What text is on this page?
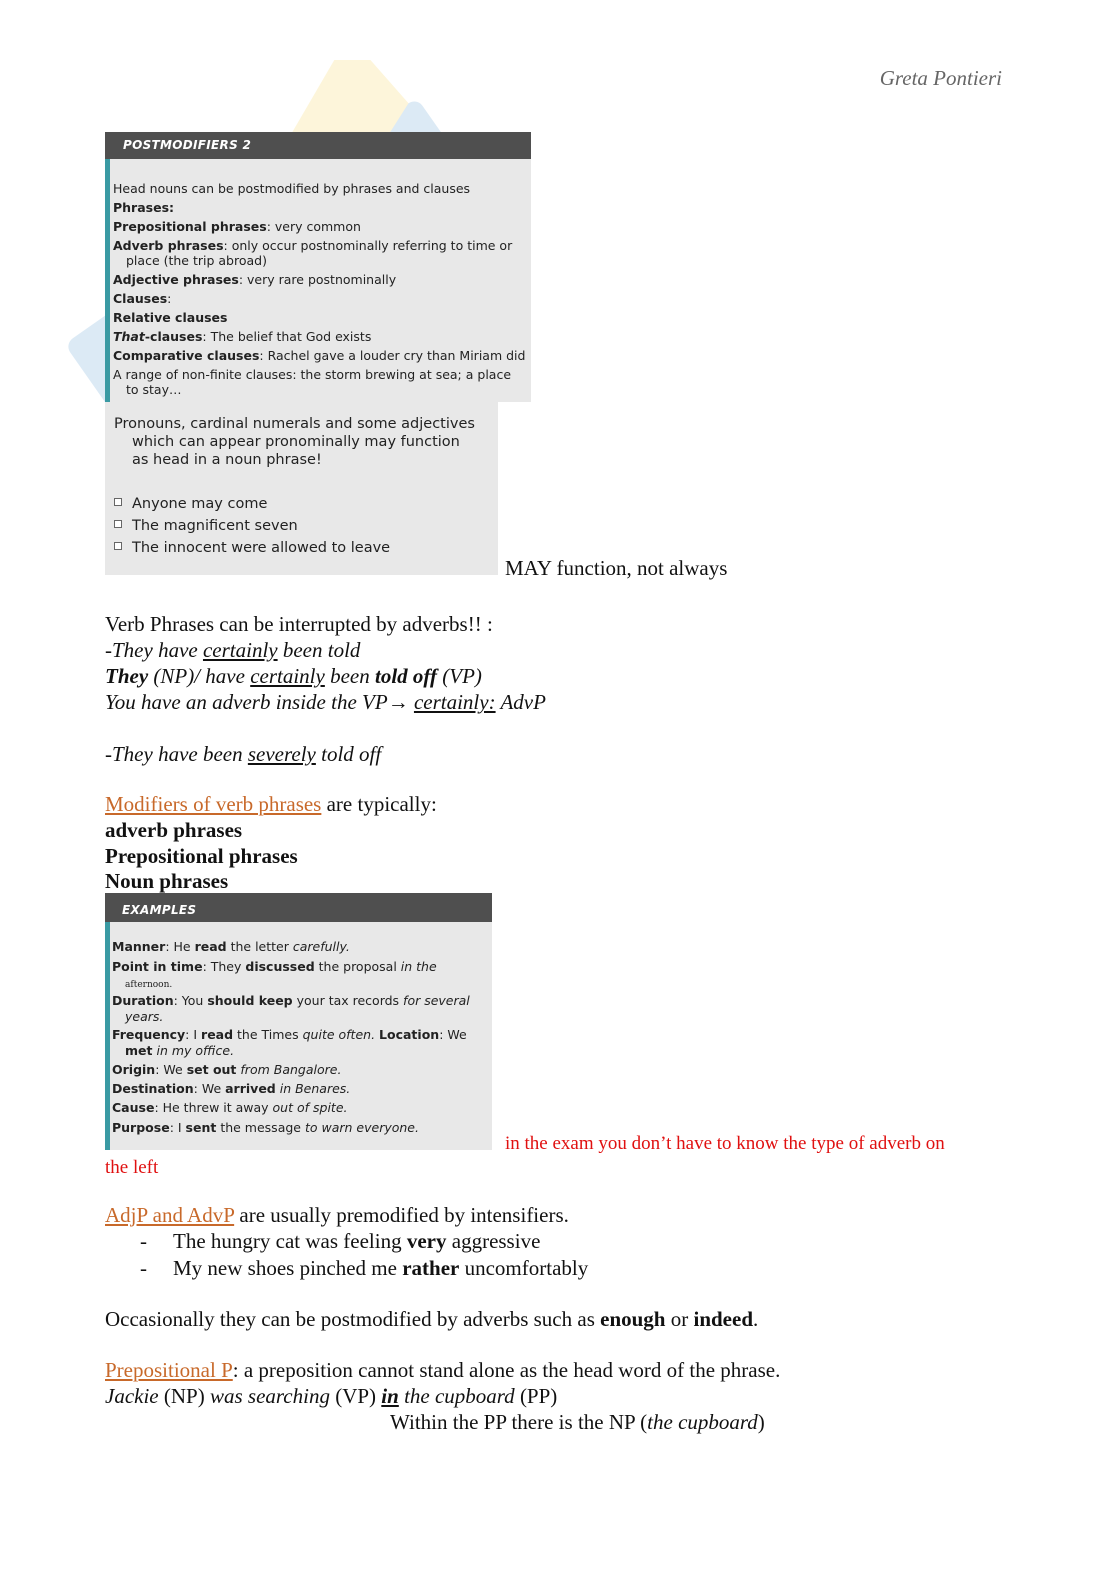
Greta Pontieri
POSTMODIFIERS 2
Head nouns can be postmodified by phrases and clauses
Phrases:
Prepositional phrases: very common
Adverb phrases: only occur postnominally referring to time or
place (the trip abroad)
Adjective phrases: very rare postnominally
Clauses:
Relative clauses
That-clauses: The belief that God exists
Comparative clauses: Rachel gave a louder cry than Miriam did
A range of non-finite clauses: the storm brewing at sea; a place
to stay…
Pronouns, cardinal numerals and some adjectives
which can appear pronominally may function
as head in a noun phrase!
Anyone may come
The magnificent seven
The innocent were allowed to leave
MAY function, not always
Verb Phrases can be interrupted by adverbs!! :
-They have certainly been told
They (NP)/ have certainly been told off (VP)
You have an adverb inside the VP→ certainly: AdvP
-They have been severely told off
Modifiers of verb phrases are typically:
adverb phrases
Prepositional phrases
Noun phrases
EXAMPLES
Manner: He read the letter carefully.
Point in time: They discussed the proposal in the
afternoon.
Duration: You should keep your tax records for several
years.
Frequency: I read the Times quite often. Location: We
met in my office.
Origin: We set out from Bangalore.
Destination: We arrived in Benares.
Cause: He threw it away out of spite.
Purpose: I sent the message to warn everyone.
in the exam you don’t have to know the type of adverb on
the left
AdjP and AdvP are usually premodified by intensifiers.
- The hungry cat was feeling very aggressive
- My new shoes pinched me rather uncomfortably
Occasionally they can be postmodified by adverbs such as enough or indeed.
Prepositional P: a preposition cannot stand alone as the head word of the phrase.
Jackie (NP) was searching (VP) in the cupboard (PP)
Within the PP there is the NP (the cupboard)
